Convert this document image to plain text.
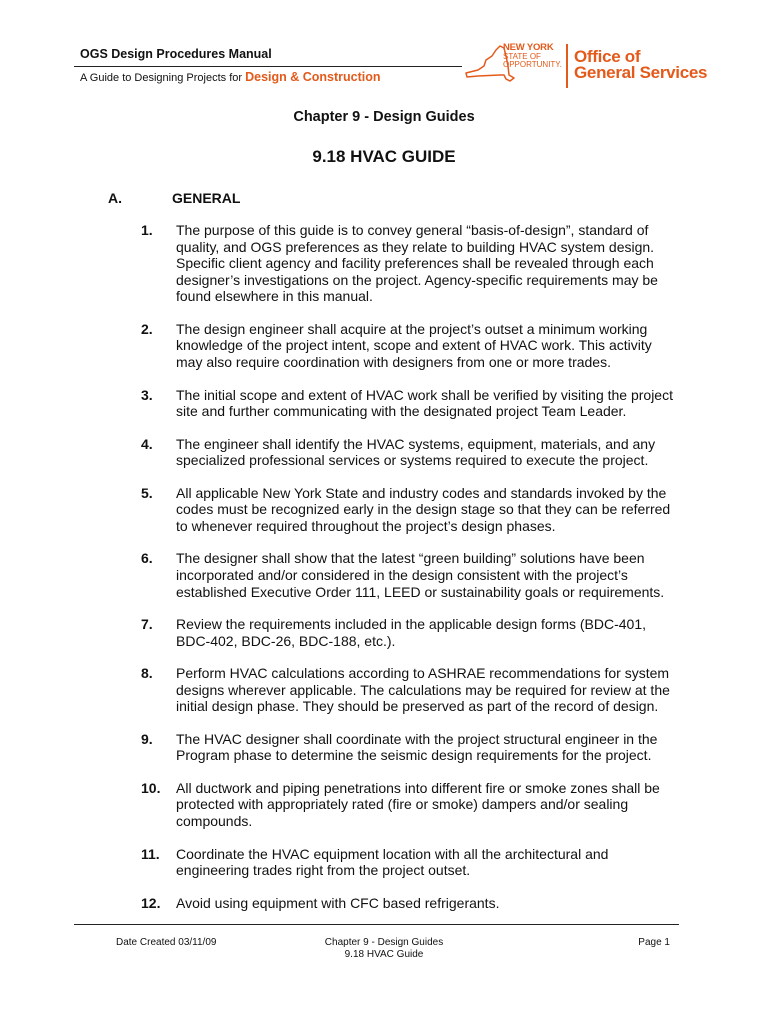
OGS Design Procedures Manual
A Guide to Designing Projects for Design & Construction
NEW YORK
STATE OF
OPPORTUNITY. Office of
General Services
Chapter 9 - Design Guides
9.18 HVAC GUIDE
A.	GENERAL
1. The purpose of this guide is to convey general “basis-of-design”, standard of quality, and OGS preferences as they relate to building HVAC system design. Specific client agency and facility preferences shall be revealed through each designer’s investigations on the project. Agency-specific requirements may be found elsewhere in this manual.
2. The design engineer shall acquire at the project’s outset a minimum working knowledge of the project intent, scope and extent of HVAC work. This activity may also require coordination with designers from one or more trades.
3. The initial scope and extent of HVAC work shall be verified by visiting the project site and further communicating with the designated project Team Leader.
4. The engineer shall identify the HVAC systems, equipment, materials, and any specialized professional services or systems required to execute the project.
5. All applicable New York State and industry codes and standards invoked by the codes must be recognized early in the design stage so that they can be referred to whenever required throughout the project’s design phases.
6. The designer shall show that the latest “green building” solutions have been incorporated and/or considered in the design consistent with the project’s established Executive Order 111, LEED or sustainability goals or requirements.
7. Review the requirements included in the applicable design forms (BDC-401, BDC-402, BDC-26, BDC-188, etc.).
8. Perform HVAC calculations according to ASHRAE recommendations for system designs wherever applicable. The calculations may be required for review at the initial design phase. They should be preserved as part of the record of design.
9. The HVAC designer shall coordinate with the project structural engineer in the Program phase to determine the seismic design requirements for the project.
10. All ductwork and piping penetrations into different fire or smoke zones shall be protected with appropriately rated (fire or smoke) dampers and/or sealing compounds.
11. Coordinate the HVAC equipment location with all the architectural and engineering trades right from the project outset.
12. Avoid using equipment with CFC based refrigerants.
Date Created 03/11/09	Chapter 9 - Design Guides
9.18 HVAC Guide
Page 1
